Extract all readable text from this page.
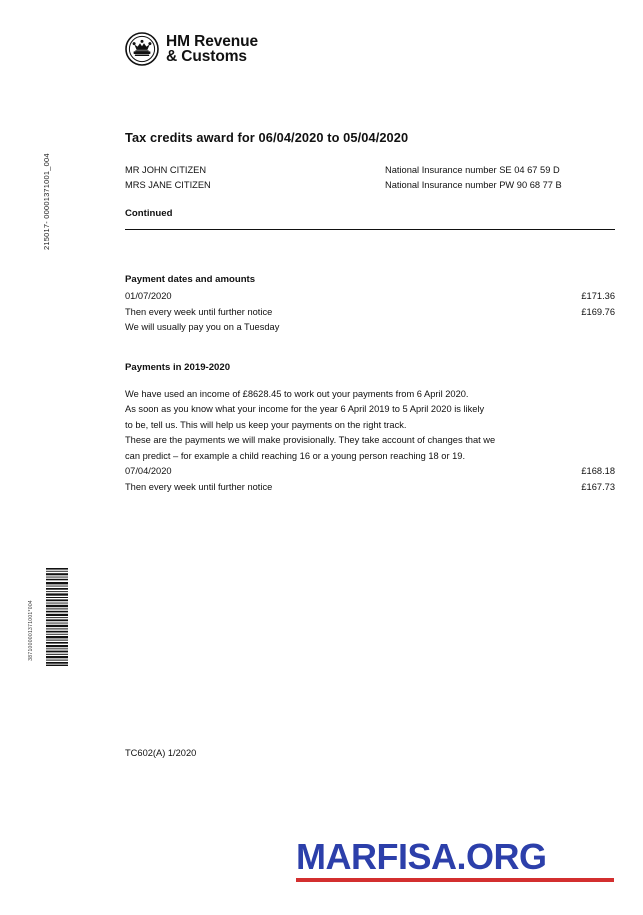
215017- 00001371001_004
HM Revenue
& Customs
Tax credits award for 06/04/2020 to 05/04/2020
MR JOHN CITIZEN
MRS JANE CITIZEN
National Insurance number SE 04 67 59 D
National Insurance number PW 90 68 77 B
Continued
Payment dates and amounts
01/07/2020	£171.36
Then every week until further notice	£169.76
We will usually pay you on a Tuesday
Payments in 2019-2020

We have used an income of £8628.45 to work out your payments from 6 April 2020.

As soon as you know what your income for the year 6 April 2019 to 5 April 2020 is likely

to be, tell us. This will help us keep your payments on the right track.

These are the payments we will make provisionally. They take account of changes that we

can predict – for example a child reaching 16 or a young person reaching 18 or 19.

07/04/2020	£168.18
Then every week until further notice	£167.73
3871000001371001*004
TC602(A) 1/2020
MARFISA.ORG
